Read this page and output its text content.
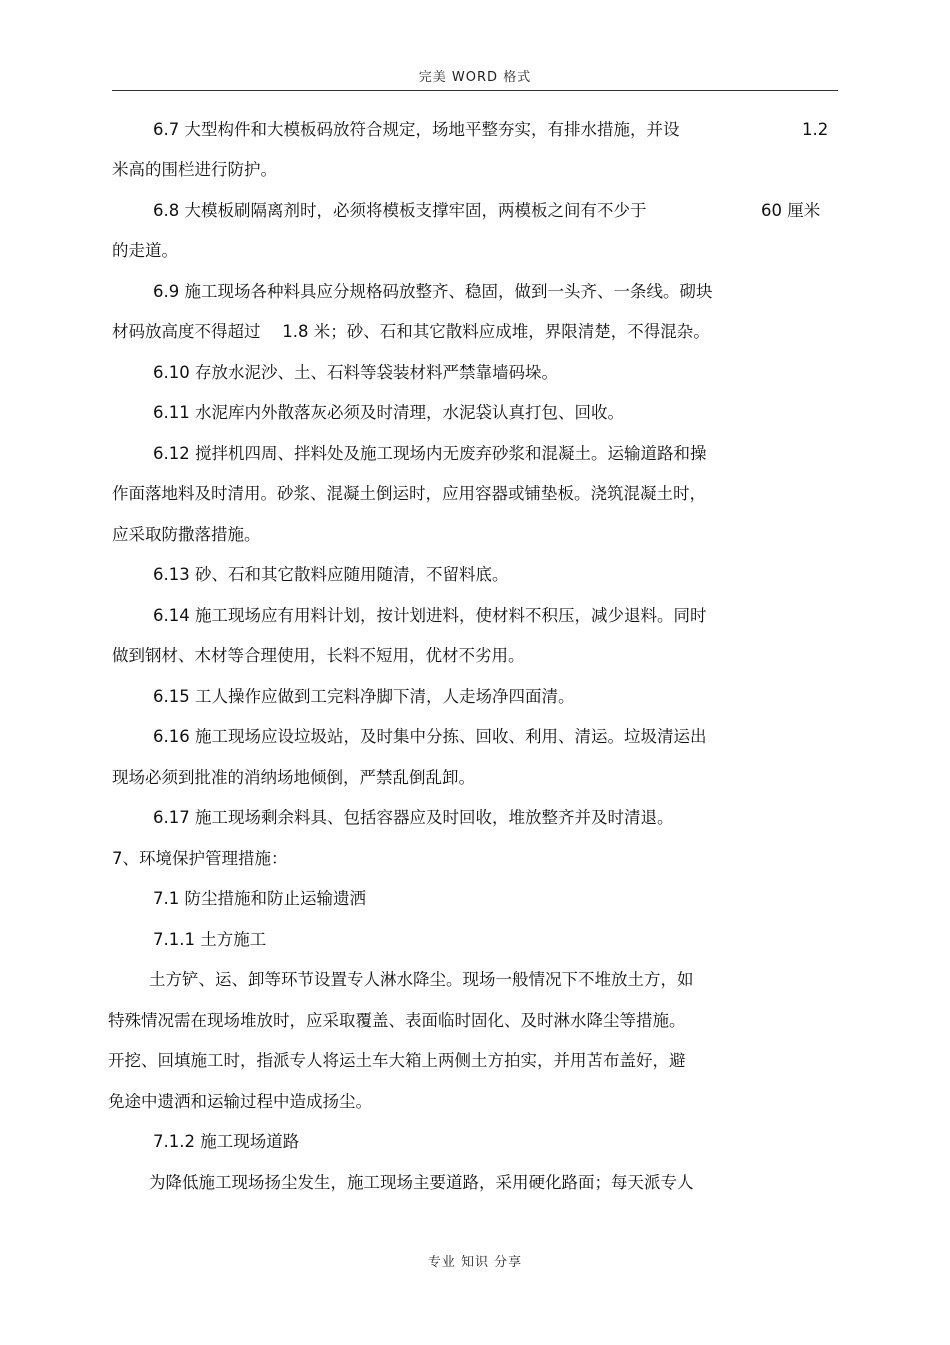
完美 WORD 格式
6.7 大型构件和大模板码放符合规定，场地平整夯实，有排水措施，并设	1.2
米高的围栏进行防护。
6.8 大模板刷隔离剂时，必须将模板支撑牢固，两模板之间有不少于	60 厘米
的走道。
6.9 施工现场各种料具应分规格码放整齐、稳固，做到一头齐、一条线。砌块
材码放高度不得超过　 1.8 米；砂、石和其它散料应成堆，界限清楚，不得混杂。
6.10 存放水泥沙、土、石料等袋装材料严禁靠墙码垛。
6.11 水泥库内外散落灰必须及时清理，水泥袋认真打包、回收。
6.12 搅拌机四周、拌料处及施工现场内无废弃砂浆和混凝土。运输道路和操
作面落地料及时清用。砂浆、混凝土倒运时，应用容器或铺垫板。浇筑混凝土时，
应采取防撒落措施。
6.13 砂、石和其它散料应随用随清，不留料底。
6.14 施工现场应有用料计划，按计划进料，使材料不积压，减少退料。同时
做到钢材、木材等合理使用，长料不短用，优材不劣用。
6.15 工人操作应做到工完料净脚下清，人走场净四面清。
6.16 施工现场应设垃圾站，及时集中分拣、回收、利用、清运。垃圾清运出
现场必须到批准的消纳场地倾倒，严禁乱倒乱卸。
6.17 施工现场剩余料具、包括容器应及时回收，堆放整齐并及时清退。
7、环境保护管理措施：
7.1 防尘措施和防止运输遗洒
7.1.1 土方施工
土方铲、运、卸等环节设置专人淋水降尘。现场一般情况下不堆放土方，如
特殊情况需在现场堆放时，应采取覆盖、表面临时固化、及时淋水降尘等措施。
开挖、回填施工时，指派专人将运土车大箱上两侧土方拍实，并用苫布盖好，避
免途中遗洒和运输过程中造成扬尘。
7.1.2 施工现场道路
为降低施工现场扬尘发生，施工现场主要道路，采用硬化路面；每天派专人
专业 知识 分享
